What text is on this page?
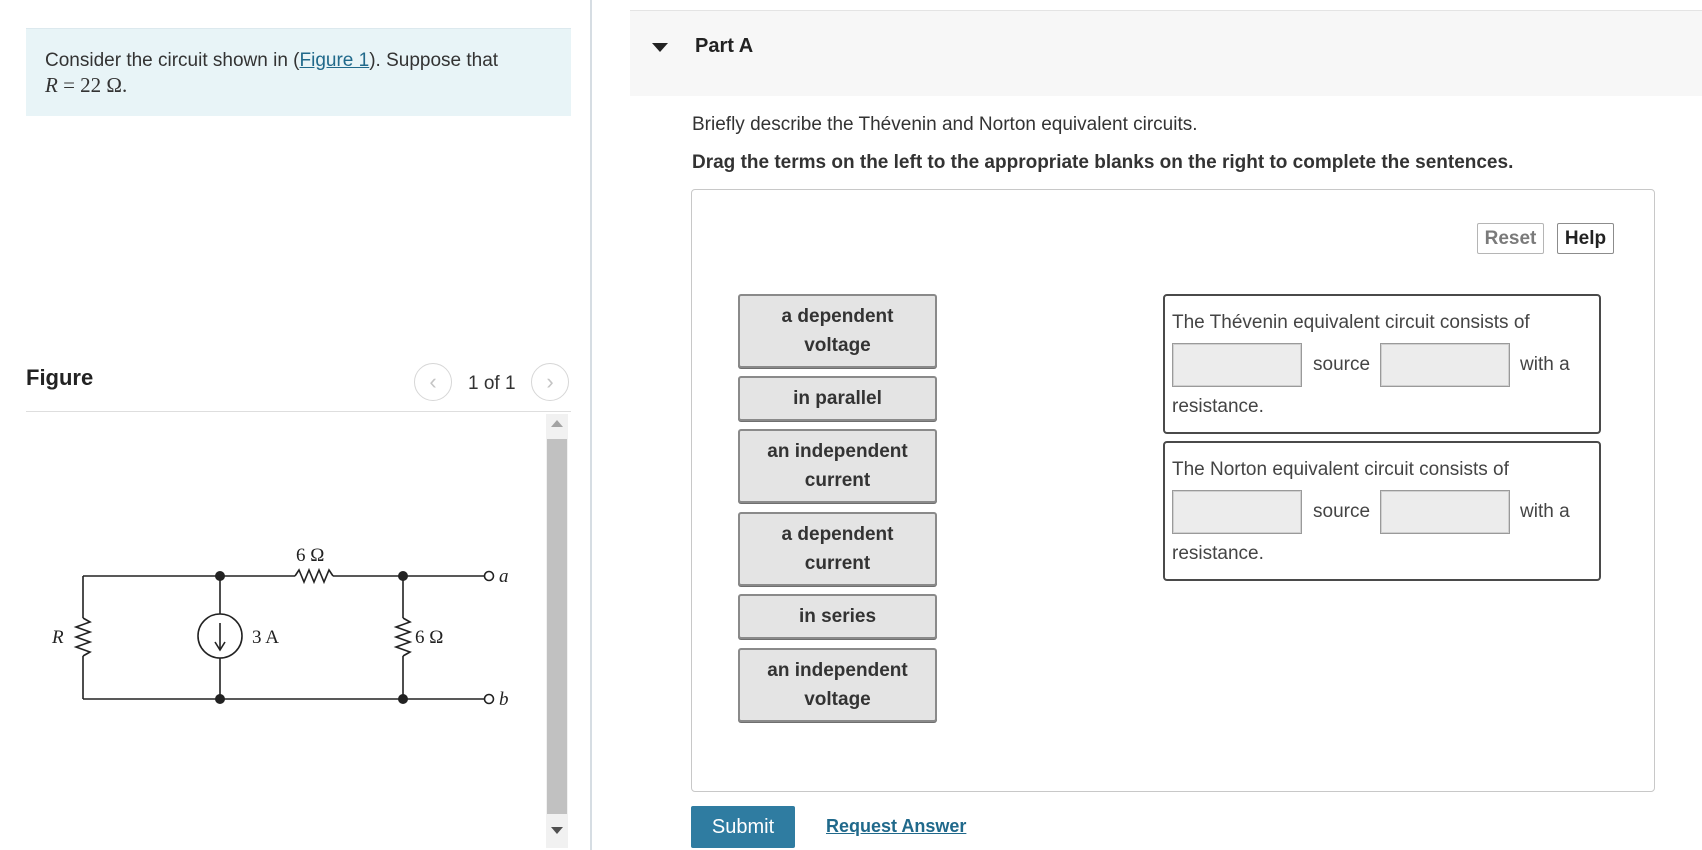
Consider the circuit shown in (Figure 1). Suppose that
R = 22 Ω.
Figure	‹ 1 of 1 ›
R
6 Ω
3 A	6 Ω
a
b
Part A
Briefly describe the Thévenin and Norton equivalent circuits.
Drag the terms on the left to the appropriate blanks on the right to complete the sentences.
Reset	Help
a dependent voltage
in parallel
an independent current
a dependent current
in series
an independent voltage
The Thévenin equivalent circuit consists of
source	with a
resistance.
The Norton equivalent circuit consists of
source	with a
resistance.
Submit	Request Answer
